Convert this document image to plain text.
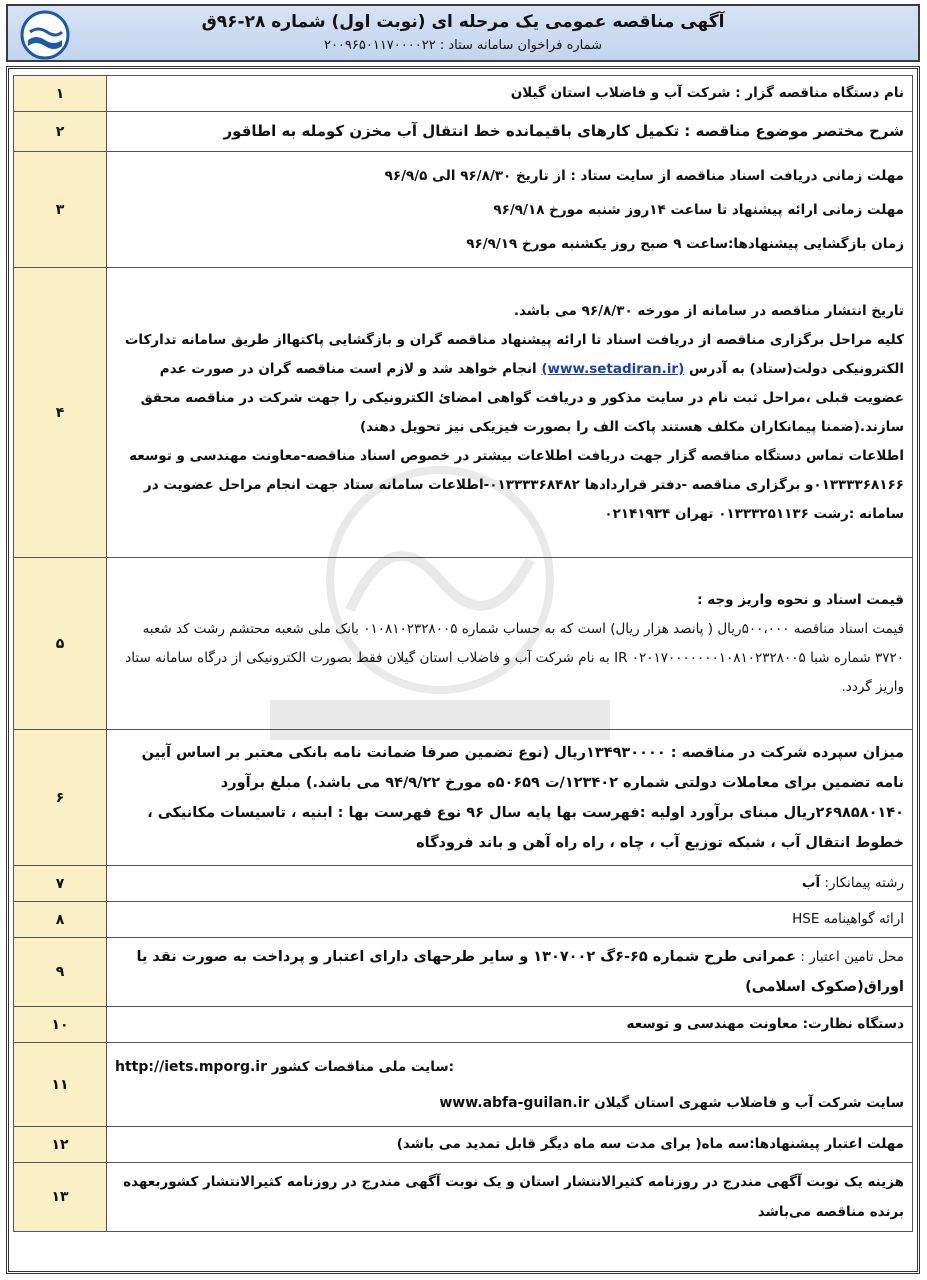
آگهی مناقصه عمومی یک مرحله ای (نوبت اول) شماره ۲۸-۹۶ق
شماره فراخوان سامانه ستاد : ۲۰۰۹۶۵۰۱۱۷۰۰۰۰۲۲
نام دستگاه مناقصه گزار : شرکت آب و فاضلاب استان گیلان	۱
شرح مختصر موضوع مناقصه : تکمیل کارهای باقیمانده خط انتقال آب مخزن کومله به اطاقور	۲

مهلت زمانی دریافت اسناد مناقصه از سایت ستاد : از تاریخ ۹۶/۸/۳۰ الی ۹۶/۹/۵
مهلت زمانی ارائه پیشنهاد تا ساعت ۱۴روز شنبه مورخ ۹۶/۹/۱۸
زمان بازگشایی پیشنهادها:ساعت ۹ صبح روز یکشنبه مورخ ۹۶/۹/۱۹	۳

تاریخ انتشار مناقصه در سامانه از مورخه ۹۶/۸/۳۰ می باشد.
کلیه مراحل برگزاری مناقصه از دریافت اسناد تا ارائه پیشنهاد مناقصه گران و بازگشایی پاکتهااز طریق سامانه تدارکات الکترونیکی دولت(ستاد) به آدرس (www.setadiran.ir) انجام خواهد شد و لازم است مناقصه گران در صورت عدم عضویت قبلی ،مراحل ثبت نام در سایت مذکور و دریافت گواهی امضائ الکترونیکی را جهت شرکت در مناقصه محقق سازند.(ضمنا پیمانکاران مکلف هستند پاکت الف را بصورت فیزیکی نیز تحویل دهند)
اطلاعات تماس دستگاه مناقصه گزار جهت دریافت اطلاعات بیشتر در خصوص اسناد مناقصه-معاونت مهندسی و توسعه ۰۱۳۳۳۳۶۸۱۶۶و برگزاری مناقصه -دفتر قراردادها ۰۱۳۳۳۳۶۸۴۸۲-اطلاعات سامانه ستاد جهت انجام مراحل عضویت در سامانه :رشت ۰۱۳۳۳۲۵۱۱۳۶ تهران ۰۲۱۴۱۹۳۴	۴

قیمت اسناد و نحوه واریز وجه :
قیمت اسناد مناقصه ۵۰۰،۰۰۰ریال ( پانصد هزار ریال) است که به حساب شماره ۰۱۰۸۱۰۲۳۲۸۰۰۵ بانک ملی شعبه محتشم رشت کد شعبه ۳۷۲۰ شماره شبا IR ۰۲۰۱۷۰۰۰۰۰۰۰۱۰۸۱۰۲۳۲۸۰۰۵ به نام شرکت آب و فاضلاب استان گیلان فقط بصورت الکترونیکی از درگاه سامانه ستاد واریز گردد.	۵
میزان سپرده شرکت در مناقصه : ۱۳۴۹۳۰۰۰۰ریال (نوع تضمین صرفا ضمانت نامه بانکی معتبر بر اساس آیین نامه تضمین برای معاملات دولتی شماره ۱۲۳۴۰۲/ت ۵۰۶۵۹ه مورخ ۹۴/۹/۲۲ می باشد.) مبلغ برآورد ۲۶۹۸۵۸۰۱۴۰ریال مبنای برآورد اولیه :فهرست بها پایه سال ۹۶ نوع فهرست بها : ابنیه ، تاسیسات مکانیکی ، خطوط انتقال آب ، شبکه توزیع آب ، چاه ، راه راه آهن و باند فرودگاه	۶
رشته پیمانکار: آب	۷
ارائه گواهینامه HSE	۸
محل تامین اعتبار : عمرانی طرح شماره ۶۵-۶گ ۱۳۰۷۰۰۲ و سایر طرحهای دارای اعتبار و پرداخت به صورت نقد یا اوراق(صکوک اسلامی)	۹
دستگاه نظارت: معاونت مهندسی و توسعه	۱۰

http://iets.mporg.ir :سایت ملی مناقصات کشور
سایت شرکت آب و فاضلاب شهری استان گیلان www.abfa-guilan.ir	۱۱
مهلت اعتبار پیشنهادها:سه ماه( برای مدت سه ماه دیگر قابل تمدید می باشد)	۱۲
هزینه یک نوبت آگهی مندرج در روزنامه کثیرالانتشار استان و یک نوبت آگهی مندرج در روزنامه کثیرالانتشار کشوربعهده برنده مناقصه می‌باشد	۱۳
